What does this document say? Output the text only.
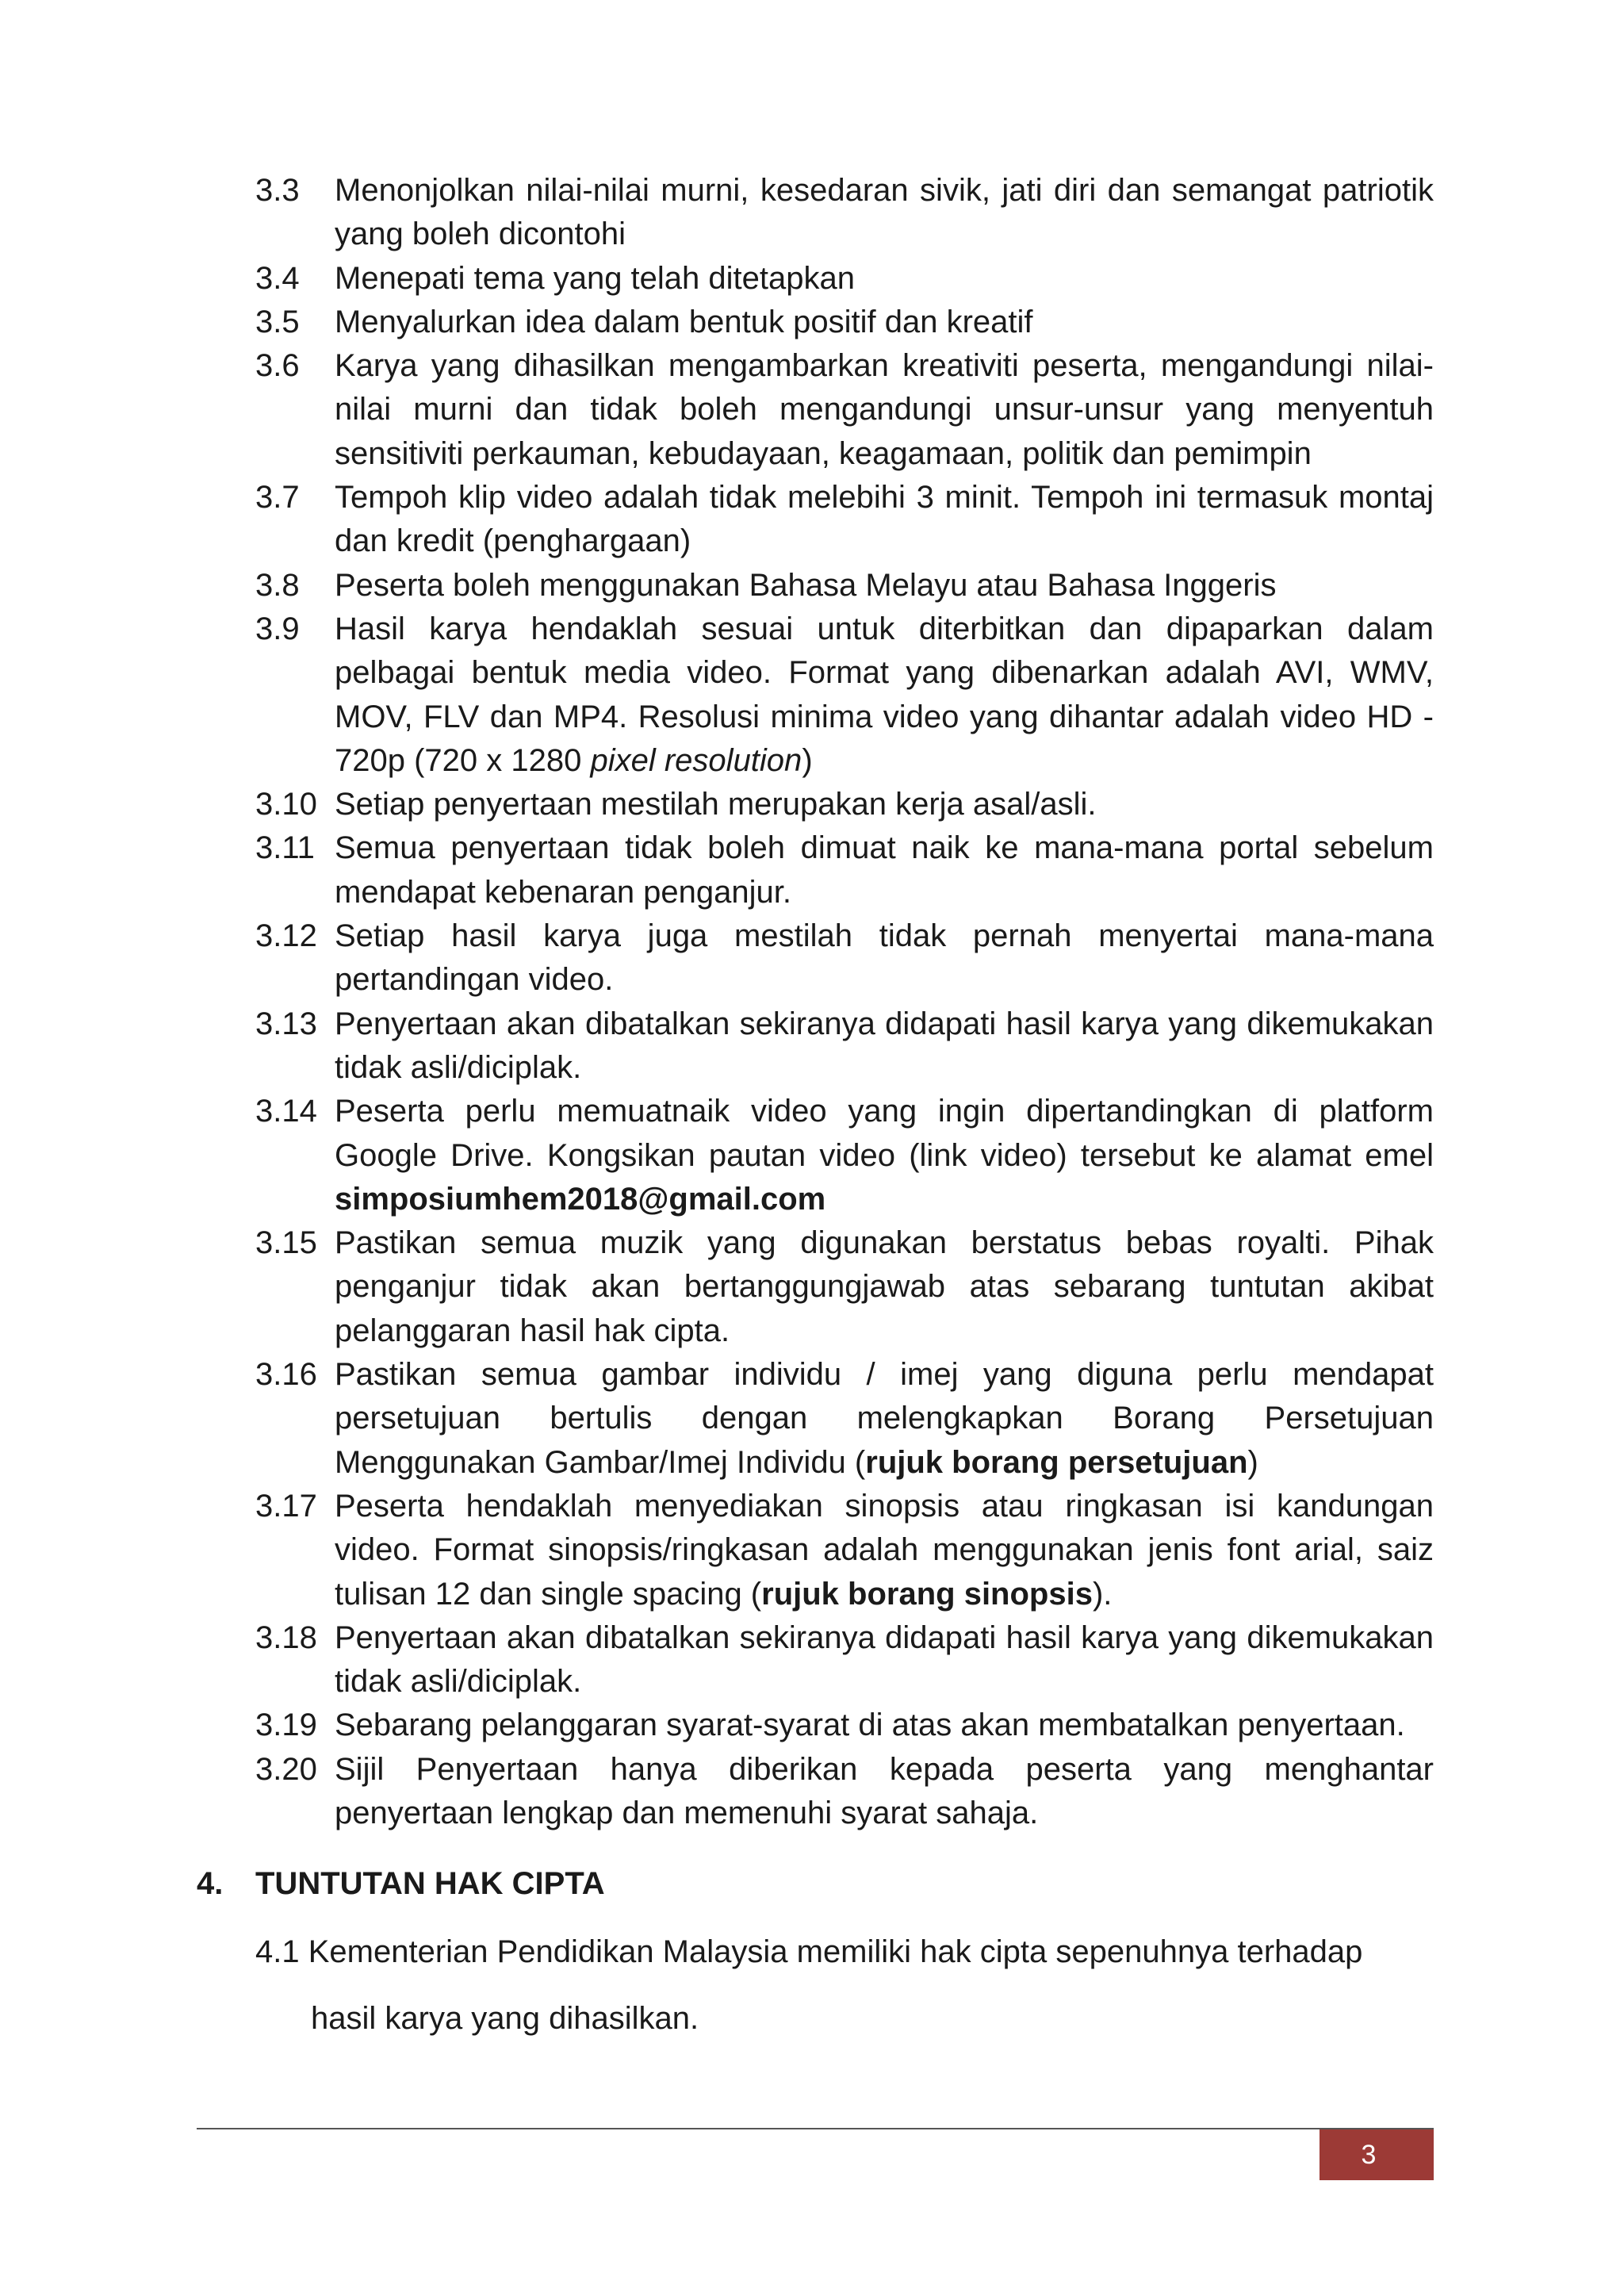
3.3	Menonjolkan nilai-nilai murni, kesedaran sivik, jati diri dan semangat patriotik yang boleh dicontohi
3.4	Menepati tema yang telah ditetapkan
3.5	Menyalurkan idea dalam bentuk positif dan kreatif
3.6	Karya yang dihasilkan mengambarkan kreativiti peserta, mengandungi nilai-nilai murni dan tidak boleh mengandungi unsur-unsur yang menyentuh sensitiviti perkauman, kebudayaan, keagamaan, politik dan pemimpin
3.7	Tempoh klip video adalah tidak melebihi 3 minit. Tempoh ini termasuk montaj dan kredit (penghargaan)
3.8	Peserta boleh menggunakan Bahasa Melayu atau Bahasa Inggeris
3.9	Hasil karya hendaklah sesuai untuk diterbitkan dan dipaparkan dalam pelbagai bentuk media video. Format yang dibenarkan adalah AVI, WMV, MOV, FLV dan MP4. Resolusi minima video yang dihantar adalah video HD - 720p (720 x 1280 pixel resolution)
3.10 Setiap penyertaan mestilah merupakan kerja asal/asli.
3.11 Semua penyertaan tidak boleh dimuat naik ke mana-mana portal sebelum mendapat kebenaran penganjur.
3.12 Setiap hasil karya juga mestilah tidak pernah menyertai mana-mana pertandingan video.
3.13 Penyertaan akan dibatalkan sekiranya didapati hasil karya yang dikemukakan tidak asli/diciplak.
3.14 Peserta perlu memuatnaik video yang ingin dipertandingkan di platform Google Drive. Kongsikan pautan video (link video) tersebut ke alamat emel simposiumhem2018@gmail.com
3.15 Pastikan semua muzik yang digunakan berstatus bebas royalti. Pihak penganjur tidak akan bertanggungjawab atas sebarang tuntutan akibat pelanggaran hasil hak cipta.
3.16 Pastikan semua gambar individu / imej yang diguna perlu mendapat persetujuan bertulis dengan melengkapkan Borang Persetujuan Menggunakan Gambar/Imej Individu (rujuk borang persetujuan)
3.17 Peserta hendaklah menyediakan sinopsis atau ringkasan isi kandungan video. Format sinopsis/ringkasan adalah menggunakan jenis font arial, saiz tulisan 12 dan single spacing (rujuk borang sinopsis).
3.18 Penyertaan akan dibatalkan sekiranya didapati hasil karya yang dikemukakan tidak asli/diciplak.
3.19 Sebarang pelanggaran syarat-syarat di atas akan membatalkan penyertaan.
3.20 Sijil Penyertaan hanya diberikan kepada peserta yang menghantar penyertaan lengkap dan memenuhi syarat sahaja.
4.	TUNTUTAN HAK CIPTA
4.1 Kementerian Pendidikan Malaysia memiliki hak cipta sepenuhnya terhadap
hasil karya yang dihasilkan.
3
